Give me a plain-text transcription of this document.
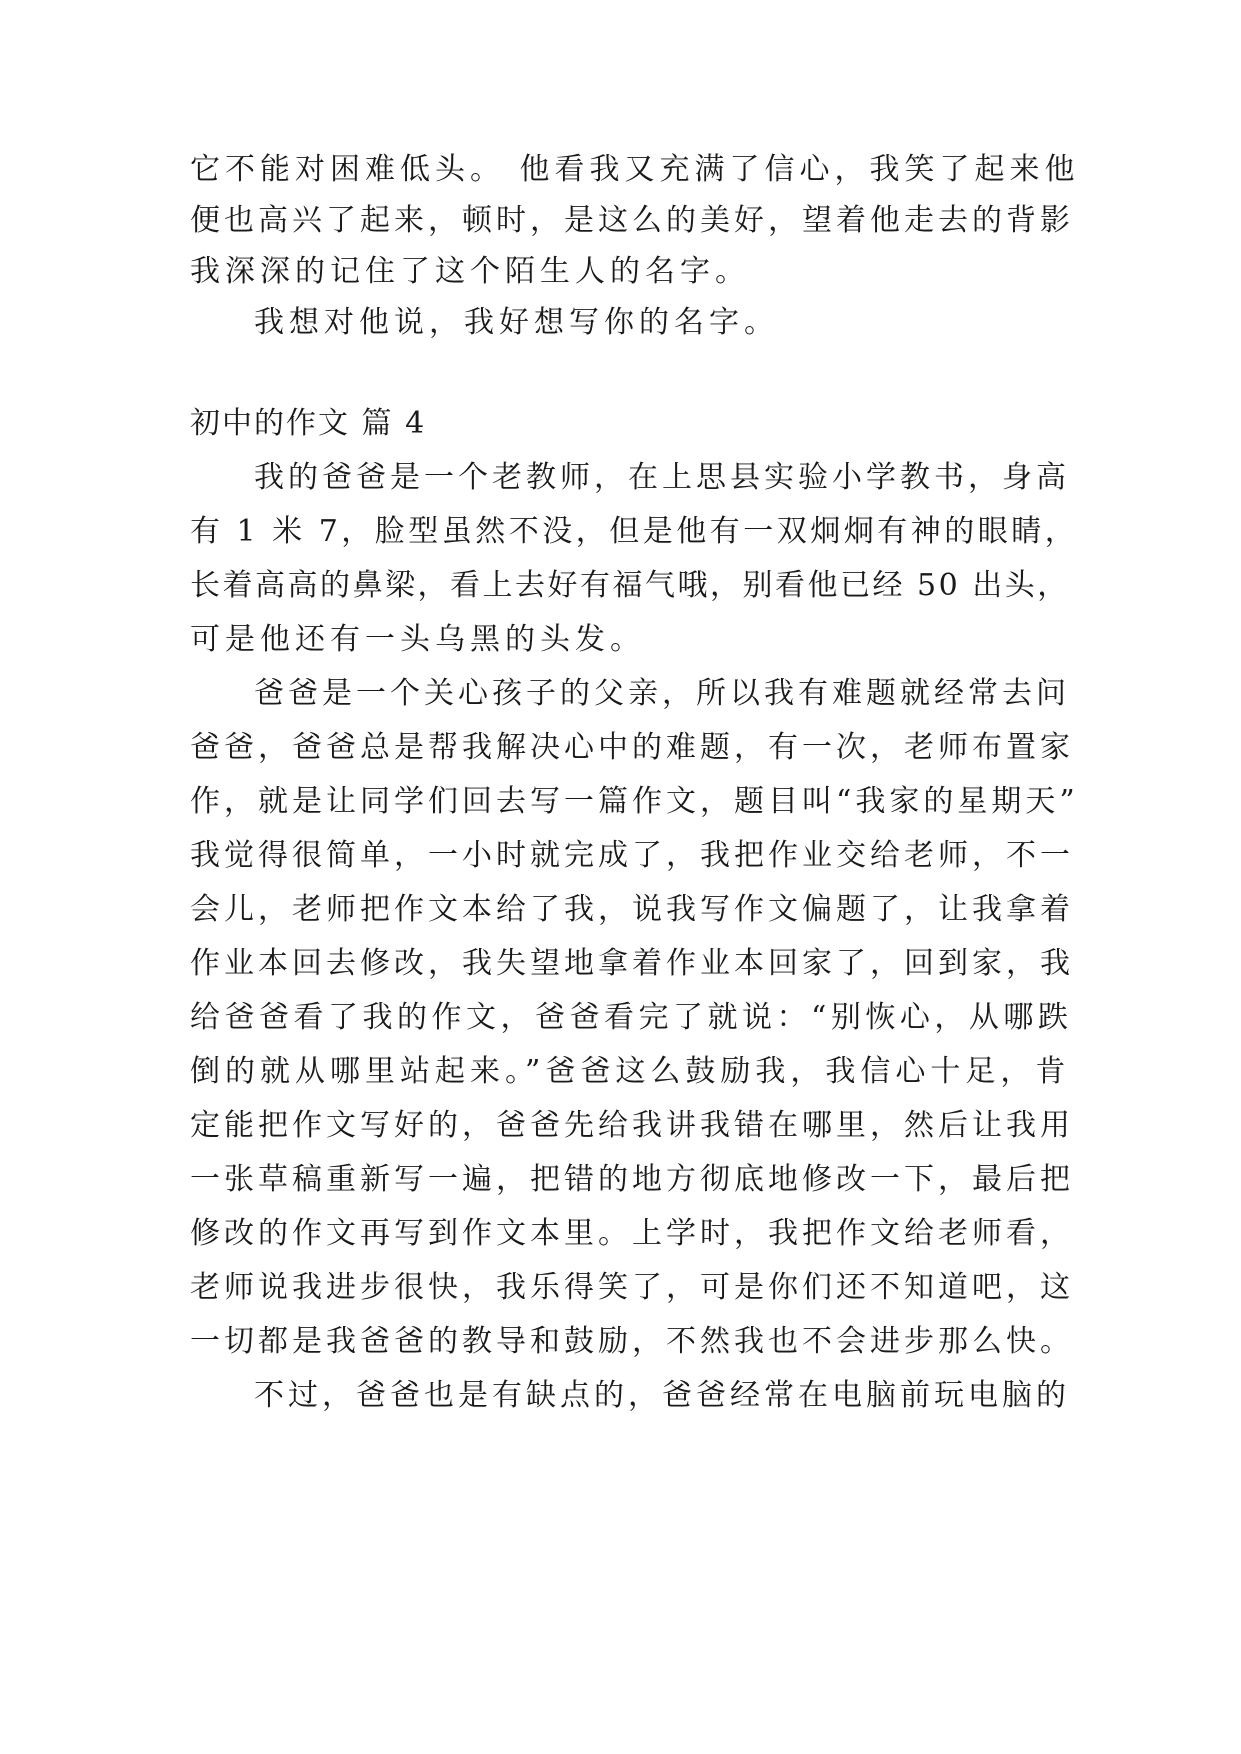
它不能对困难低头。 他看我又充满了信心，我笑了起来他
便也高兴了起来，顿时，是这么的美好，望着他走去的背影
我深深的记住了这个陌生人的名字。
我想对他说，我好想写你的名字。
初中的作文 篇 4
我的爸爸是一个老教师，在上思县实验小学教书，身高
有 1 米 7，脸型虽然不没，但是他有一双炯炯有神的眼睛，
长着高高的鼻梁，看上去好有福气哦，别看他已经 50 出头，
可是他还有一头乌黑的头发。
爸爸是一个关心孩子的父亲，所以我有难题就经常去问
爸爸，爸爸总是帮我解决心中的难题，有一次，老师布置家
作，就是让同学们回去写一篇作文，题目叫“我家的星期天”
我觉得很简单，一小时就完成了，我把作业交给老师，不一
会儿，老师把作文本给了我，说我写作文偏题了，让我拿着
作业本回去修改，我失望地拿着作业本回家了，回到家，我
给爸爸看了我的作文，爸爸看完了就说：“别恢心，从哪跌
倒的就从哪里站起来。”爸爸这么鼓励我，我信心十足，肯
定能把作文写好的，爸爸先给我讲我错在哪里，然后让我用
一张草稿重新写一遍，把错的地方彻底地修改一下，最后把
修改的作文再写到作文本里。上学时，我把作文给老师看，
老师说我进步很快，我乐得笑了，可是你们还不知道吧，这
一切都是我爸爸的教导和鼓励，不然我也不会进步那么快。
不过，爸爸也是有缺点的，爸爸经常在电脑前玩电脑的
